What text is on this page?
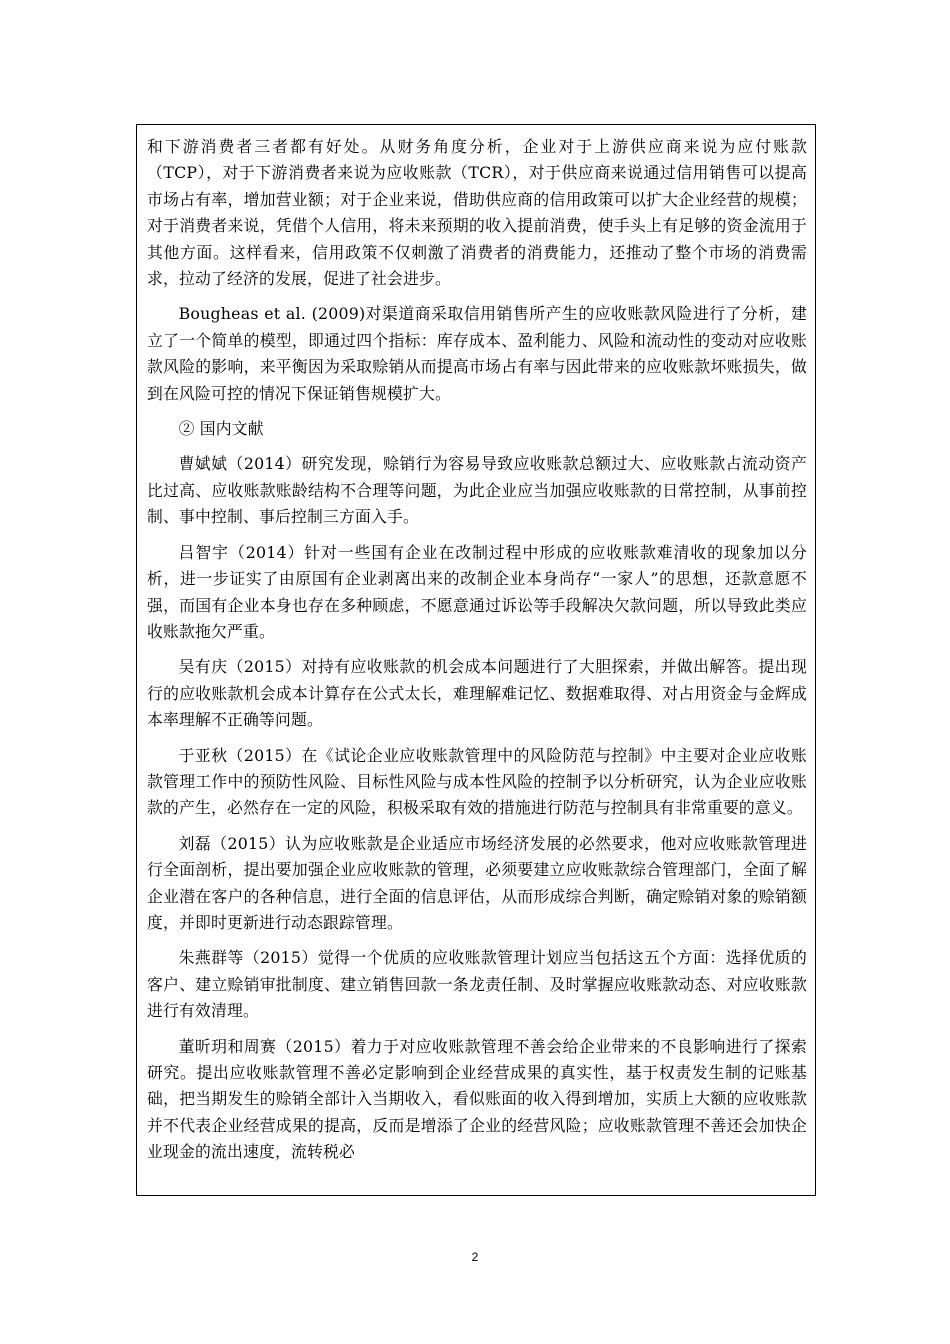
和下游消费者三者都有好处。从财务角度分析，企业对于上游供应商来说为应付账款（TCP），对于下游消费者来说为应收账款（TCR），对于供应商来说通过信用销售可以提高市场占有率，增加营业额；对于企业来说，借助供应商的信用政策可以扩大企业经营的规模；对于消费者来说，凭借个人信用，将未来预期的收入提前消费，使手头上有足够的资金流用于其他方面。这样看来，信用政策不仅刺激了消费者的消费能力，还推动了整个市场的消费需求，拉动了经济的发展，促进了社会进步。

Bougheas et al. (2009)对渠道商采取信用销售所产生的应收账款风险进行了分析，建立了一个简单的模型，即通过四个指标：库存成本、盈利能力、风险和流动性的变动对应收账款风险的影响，来平衡因为采取赊销从而提高市场占有率与因此带来的应收账款坏账损失，做到在风险可控的情况下保证销售规模扩大。

② 国内文献

曹娬娬（2014）研究发现，赊销行为容易导致应收账款总额过大、应收账款占流动资产比过高、应收账款账龄结构不合理等问题，为此企业应当加强应收账款的日常控制，从事前控制、事中控制、事后控制三方面入手。

吕智宇（2014）针对一些国有企业在改制过程中形成的应收账款难清收的现象加以分析，进一步证实了由原国有企业剥离出来的改制企业本身尚存“一家人”的思想，还款意愿不强，而国有企业本身也存在多种顾虑，不愿意通过诉讼等手段解决欠款问题，所以导致此类应收账款拖欠严重。

吴有庆（2015）对持有应收账款的机会成本问题进行了大胆探索，并做出解答。提出现行的应收账款机会成本计算存在公式太长，难理解难记忆、数据难取得、对占用资金与金辉成本率理解不正确等问题。

于亚秋（2015）在《试论企业应收账款管理中的风险防范与控制》中主要对企业应收账款管理工作中的预防性风险、目标性风险与成本性风险的控制予以分析研究，认为企业应收账款的产生，必然存在一定的风险，积极采取有效的措施进行防范与控制具有非常重要的意义。

刘磊（2015）认为应收账款是企业适应市场经济发展的必然要求，他对应收账款管理进行全面剖析，提出要加强企业应收账款的管理，必须要建立应收账款综合管理部门，全面了解企业潜在客户的各种信息，进行全面的信息评估，从而形成综合判断，确定赊销对象的赊销额度，并即时更新进行动态跟踪管理。

朱燕群等（2015）觉得一个优质的应收账款管理计划应当包括这五个方面：选择优质的客户、建立赊销审批制度、建立销售回款一条龙责任制、及时掌握应收账款动态、对应收账款进行有效清理。

董昕玥和周赛（2015）着力于对应收账款管理不善会给企业带来的不良影响进行了探索研究。提出应收账款管理不善必定影响到企业经营成果的真实性，基于权责发生制的记账基础，把当期发生的赊销全部计入当期收入，看似账面的收入得到增加，实质上大额的应收账款并不代表企业经营成果的提高，反而是增添了企业的经营风险；应收账款管理不善还会加快企业现金的流出速度，流转税必

2
